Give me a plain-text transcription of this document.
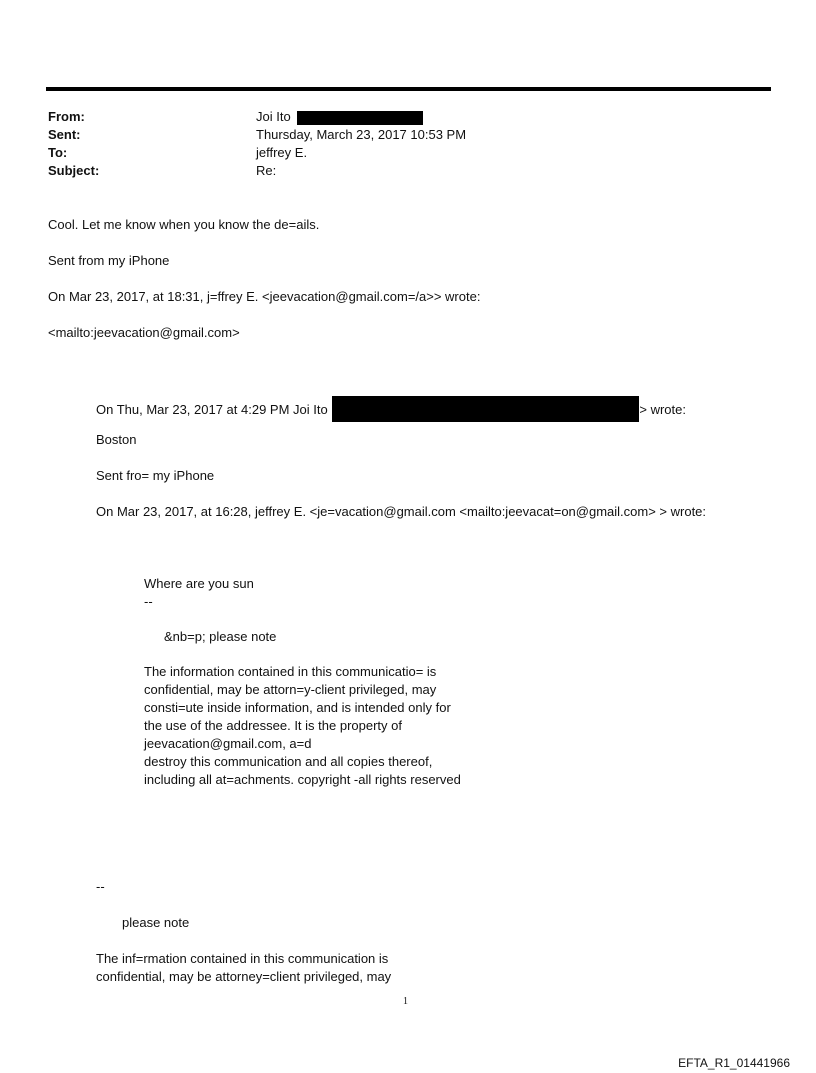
From:	Joi Ito
Sent:	Thursday, March 23, 2017 10:53 PM
To:	jeffrey E.
Subject:	Re:
Cool. Let me know when you know the de=ails.
Sent from my iPhone
On Mar 23, 2017, at 18:31, j=ffrey E. <jeevacation@gmail.com=/a>> wrote:
<mailto:jeevacation@gmail.com>
On Thu, Mar 23, 2017 at 4:29 PM Joi Ito	> wrote:
Boston
Sent fro= my iPhone
On Mar 23, 2017, at 16:28, jeffrey E. <je=vacation@gmail.com <mailto:jeevacat=on@gmail.com> > wrote:
Where are you sun
--
&nb=p; please note
The information contained in this communicatio= is
confidential, may be attorn=y-client privileged, may
consti=ute inside information, and is intended only for
the use of the addressee. It is the property of
jeevacation@gmail.com, a=d
destroy this communication and all copies thereof,
including all at=achments. copyright -all rights reserved
--
please note
The inf=rmation contained in this communication is
confidential, may be attorney=client privileged, may
1
EFTA_R1_01441966
